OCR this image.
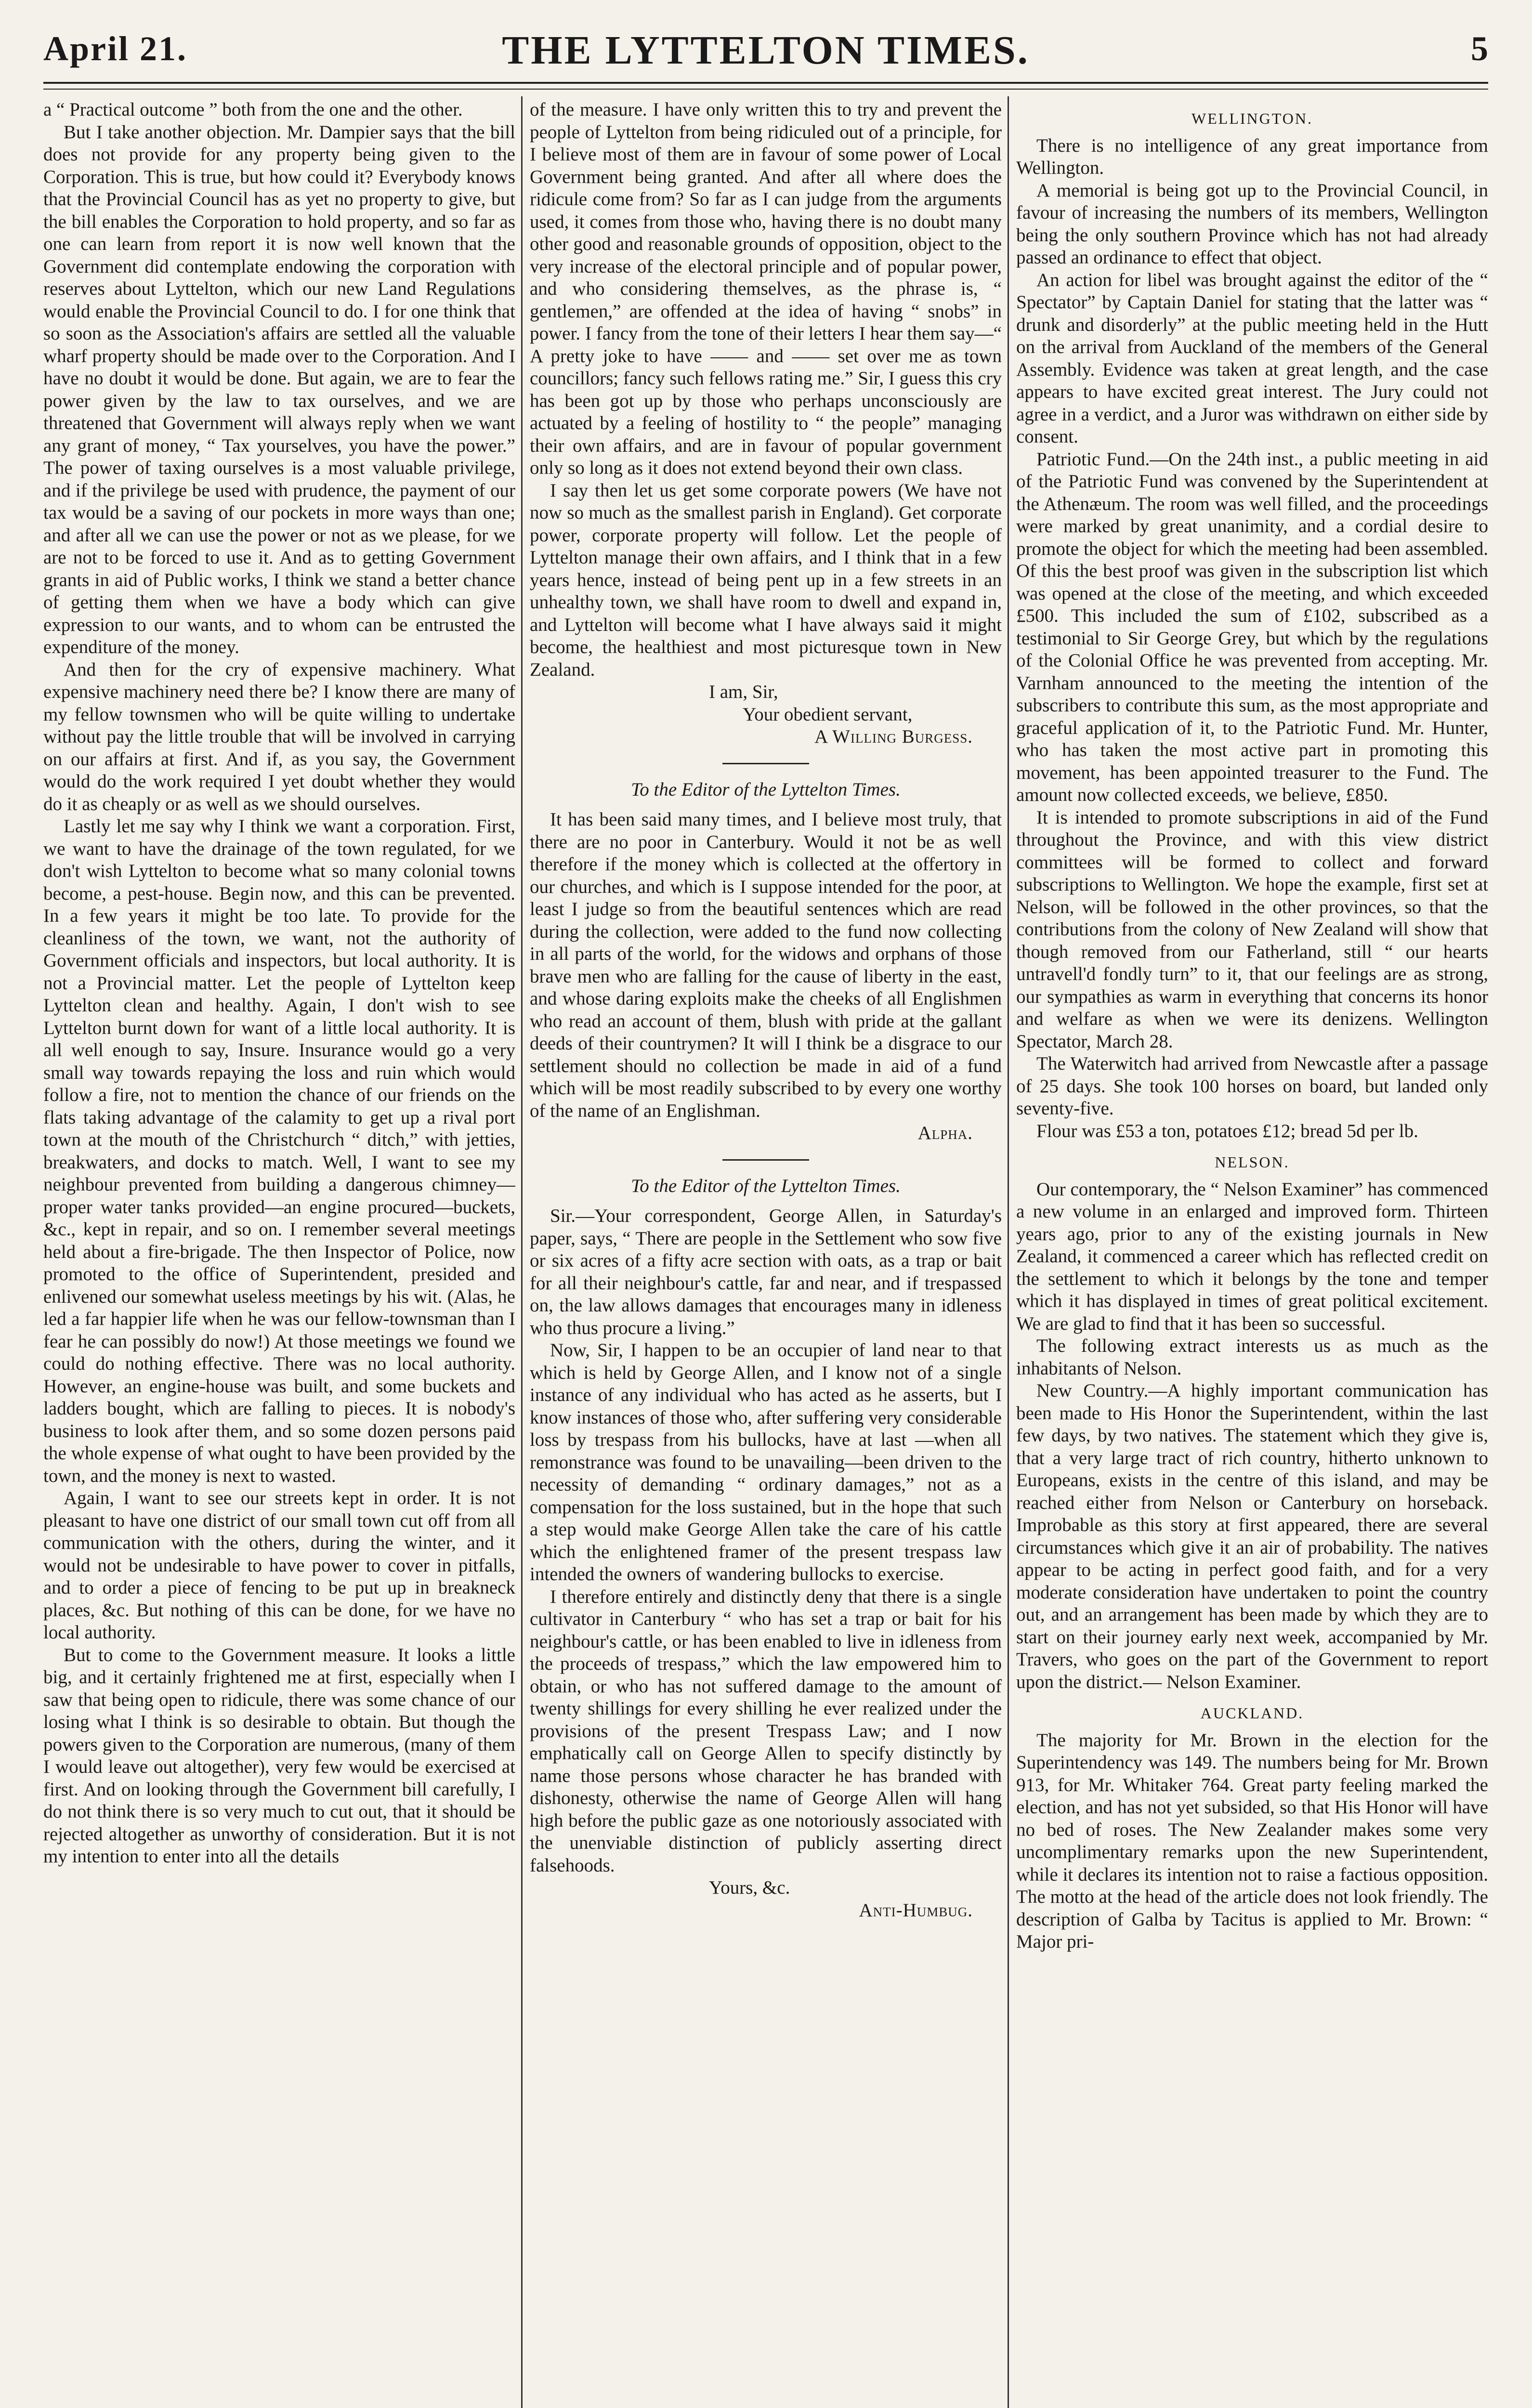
THE LYTTELTON TIMES.
April 21.	5

a “ Practical outcome ” both from the one and the other.

But I take another objection. Mr. Dampier says that the bill does not provide for any property being given to the Corporation. This is true, but how could it? Everybody knows that the Provincial Council has as yet no property to give, but the bill enables the Corporation to hold property, and so far as one can learn from report it is now well known that the Government did contemplate endowing the corporation with reserves about Lyttelton, which our new Land Regulations would enable the Provincial Council to do. I for one think that so soon as the Association's affairs are settled all the valuable wharf property should be made over to the Corporation. And I have no doubt it would be done. But again, we are to fear the power given by the law to tax ourselves, and we are threatened that Government will always reply when we want any grant of money, “ Tax yourselves, you have the power.” The power of taxing ourselves is a most valuable privilege, and if the privilege be used with prudence, the payment of our tax would be a saving of our pockets in more ways than one; and after all we can use the power or not as we please, for we are not to be forced to use it. And as to getting Government grants in aid of Public works, I think we stand a better chance of getting them when we have a body which can give expression to our wants, and to whom can be entrusted the expenditure of the money.

And then for the cry of expensive machinery. What expensive machinery need there be? I know there are many of my fellow townsmen who will be quite willing to undertake without pay the little trouble that will be involved in carrying on our affairs at first. And if, as you say, the Government would do the work required I yet doubt whether they would do it as cheaply or as well as we should ourselves.

Lastly let me say why I think we want a corporation. First, we want to have the drainage of the town regulated, for we don't wish Lyttelton to become what so many colonial towns become, a pest-house. Begin now, and this can be prevented. In a few years it might be too late. To provide for the cleanliness of the town, we want, not the authority of Government officials and inspectors, but local authority. It is not a Provincial matter. Let the people of Lyttelton keep Lyttelton clean and healthy. Again, I don't wish to see Lyttelton burnt down for want of a little local authority. It is all well enough to say, Insure. Insurance would go a very small way towards repaying the loss and ruin which would follow a fire, not to mention the chance of our friends on the flats taking advantage of the calamity to get up a rival port town at the mouth of the Christchurch “ ditch,” with jetties, breakwaters, and docks to match. Well, I want to see my neighbour prevented from building a dangerous chimney—proper water tanks provided—an engine procured—buckets, &c., kept in repair, and so on. I remember several meetings held about a fire-brigade. The then Inspector of Police, now promoted to the office of Superintendent, presided and enlivened our somewhat useless meetings by his wit. (Alas, he led a far happier life when he was our fellow-townsman than I fear he can possibly do now!) At those meetings we found we could do nothing effective. There was no local authority. However, an engine-house was built, and some buckets and ladders bought, which are falling to pieces. It is nobody's business to look after them, and so some dozen persons paid the whole expense of what ought to have been provided by the town, and the money is next to wasted.

Again, I want to see our streets kept in order. It is not pleasant to have one district of our small town cut off from all communication with the others, during the winter, and it would not be undesirable to have power to cover in pitfalls, and to order a piece of fencing to be put up in breakneck places, &c. But nothing of this can be done, for we have no local authority.

But to come to the Government measure. It looks a little big, and it certainly frightened me at first, especially when I saw that being open to ridicule, there was some chance of our losing what I think is so desirable to obtain. But though the powers given to the Corporation are numerous, (many of them I would leave out altogether), very few would be exercised at first. And on looking through the Government bill carefully, I do not think there is so very much to cut out, that it should be rejected altogether as unworthy of consideration. But it is not my intention to enter into all the details

of the measure. I have only written this to try and prevent the people of Lyttelton from being ridiculed out of a principle, for I believe most of them are in favour of some power of Local Government being granted. And after all where does the ridicule come from? So far as I can judge from the arguments used, it comes from those who, having there is no doubt many other good and reasonable grounds of opposition, object to the very increase of the electoral principle and of popular power, and who considering themselves, as the phrase is, “ gentlemen,” are offended at the idea of having “ snobs” in power. I fancy from the tone of their letters I hear them say—“ A pretty joke to have —— and —— set over me as town councillors; fancy such fellows rating me.” Sir, I guess this cry has been got up by those who perhaps unconsciously are actuated by a feeling of hostility to “ the people” managing their own affairs, and are in favour of popular government only so long as it does not extend beyond their own class.

I say then let us get some corporate powers (We have not now so much as the smallest parish in England). Get corporate power, corporate property will follow. Let the people of Lyttelton manage their own affairs, and I think that in a few years hence, instead of being pent up in a few streets in an unhealthy town, we shall have room to dwell and expand in, and Lyttelton will become what I have always said it might become, the healthiest and most picturesque town in New Zealand.

I am, Sir,

Your obedient servant,

A Willing Burgess.

To the Editor of the Lyttelton Times.

It has been said many times, and I believe most truly, that there are no poor in Canterbury. Would it not be as well therefore if the money which is collected at the offertory in our churches, and which is I suppose intended for the poor, at least I judge so from the beautiful sentences which are read during the collection, were added to the fund now collecting in all parts of the world, for the widows and orphans of those brave men who are falling for the cause of liberty in the east, and whose daring exploits make the cheeks of all Englishmen who read an account of them, blush with pride at the gallant deeds of their countrymen? It will I think be a disgrace to our settlement should no collection be made in aid of a fund which will be most readily subscribed to by every one worthy of the name of an Englishman.

Alpha.

To the Editor of the Lyttelton Times.

Sir.—Your correspondent, George Allen, in Saturday's paper, says, “ There are people in the Settlement who sow five or six acres of a fifty acre section with oats, as a trap or bait for all their neighbour's cattle, far and near, and if trespassed on, the law allows damages that encourages many in idleness who thus procure a living.”

Now, Sir, I happen to be an occupier of land near to that which is held by George Allen, and I know not of a single instance of any individual who has acted as he asserts, but I know instances of those who, after suffering very considerable loss by trespass from his bullocks, have at last —when all remonstrance was found to be unavailing—been driven to the necessity of demanding “ ordinary damages,” not as a compensation for the loss sustained, but in the hope that such a step would make George Allen take the care of his cattle which the enlightened framer of the present trespass law intended the owners of wandering bullocks to exercise.

I therefore entirely and distinctly deny that there is a single cultivator in Canterbury “ who has set a trap or bait for his neighbour's cattle, or has been enabled to live in idleness from the proceeds of trespass,” which the law empowered him to obtain, or who has not suffered damage to the amount of twenty shillings for every shilling he ever realized under the provisions of the present Trespass Law; and I now emphatically call on George Allen to specify distinctly by name those persons whose character he has branded with dishonesty, otherwise the name of George Allen will hang high before the public gaze as one notoriously associated with the unenviable distinction of publicly asserting direct falsehoods.

Yours, &c.

Anti-Humbug.

WELLINGTON.

There is no intelligence of any great importance from Wellington.

A memorial is being got up to the Provincial Council, in favour of increasing the numbers of its members, Wellington being the only southern Province which has not had already passed an ordinance to effect that object.

An action for libel was brought against the editor of the “ Spectator” by Captain Daniel for stating that the latter was “ drunk and disorderly” at the public meeting held in the Hutt on the arrival from Auckland of the members of the General Assembly. Evidence was taken at great length, and the case appears to have excited great interest. The Jury could not agree in a verdict, and a Juror was withdrawn on either side by consent.

Patriotic Fund.—On the 24th inst., a public meeting in aid of the Patriotic Fund was convened by the Superintendent at the Athenæum. The room was well filled, and the proceedings were marked by great unanimity, and a cordial desire to promote the object for which the meeting had been assembled. Of this the best proof was given in the subscription list which was opened at the close of the meeting, and which exceeded £500. This included the sum of £102, subscribed as a testimonial to Sir George Grey, but which by the regulations of the Colonial Office he was prevented from accepting. Mr. Varnham announced to the meeting the intention of the subscribers to contribute this sum, as the most appropriate and graceful application of it, to the Patriotic Fund. Mr. Hunter, who has taken the most active part in promoting this movement, has been appointed treasurer to the Fund. The amount now collected exceeds, we believe, £850.

It is intended to promote subscriptions in aid of the Fund throughout the Province, and with this view district committees will be formed to collect and forward subscriptions to Wellington. We hope the example, first set at Nelson, will be followed in the other provinces, so that the contributions from the colony of New Zealand will show that though removed from our Fatherland, still “ our hearts untravell'd fondly turn” to it, that our feelings are as strong, our sympathies as warm in everything that concerns its honor and welfare as when we were its denizens. Wellington Spectator, March 28.

The Waterwitch had arrived from Newcastle after a passage of 25 days. She took 100 horses on board, but landed only seventy-five.

Flour was £53 a ton, potatoes £12; bread 5d per lb.

NELSON.

Our contemporary, the “ Nelson Examiner” has commenced a new volume in an enlarged and improved form. Thirteen years ago, prior to any of the existing journals in New Zealand, it commenced a career which has reflected credit on the settlement to which it belongs by the tone and temper which it has displayed in times of great political excitement. We are glad to find that it has been so successful.

The following extract interests us as much as the inhabitants of Nelson.

New Country.—A highly important communication has been made to His Honor the Superintendent, within the last few days, by two natives. The statement which they give is, that a very large tract of rich country, hitherto unknown to Europeans, exists in the centre of this island, and may be reached either from Nelson or Canterbury on horseback. Improbable as this story at first appeared, there are several circumstances which give it an air of probability. The natives appear to be acting in perfect good faith, and for a very moderate consideration have undertaken to point the country out, and an arrangement has been made by which they are to start on their journey early next week, accompanied by Mr. Travers, who goes on the part of the Government to report upon the district.— Nelson Examiner.

AUCKLAND.

The majority for Mr. Brown in the election for the Superintendency was 149. The numbers being for Mr. Brown 913, for Mr. Whitaker 764. Great party feeling marked the election, and has not yet subsided, so that His Honor will have no bed of roses. The New Zealander makes some very uncomplimentary remarks upon the new Superintendent, while it declares its intention not to raise a factious opposition. The motto at the head of the article does not look friendly. The description of Galba by Tacitus is applied to Mr. Brown: “ Major pri-
